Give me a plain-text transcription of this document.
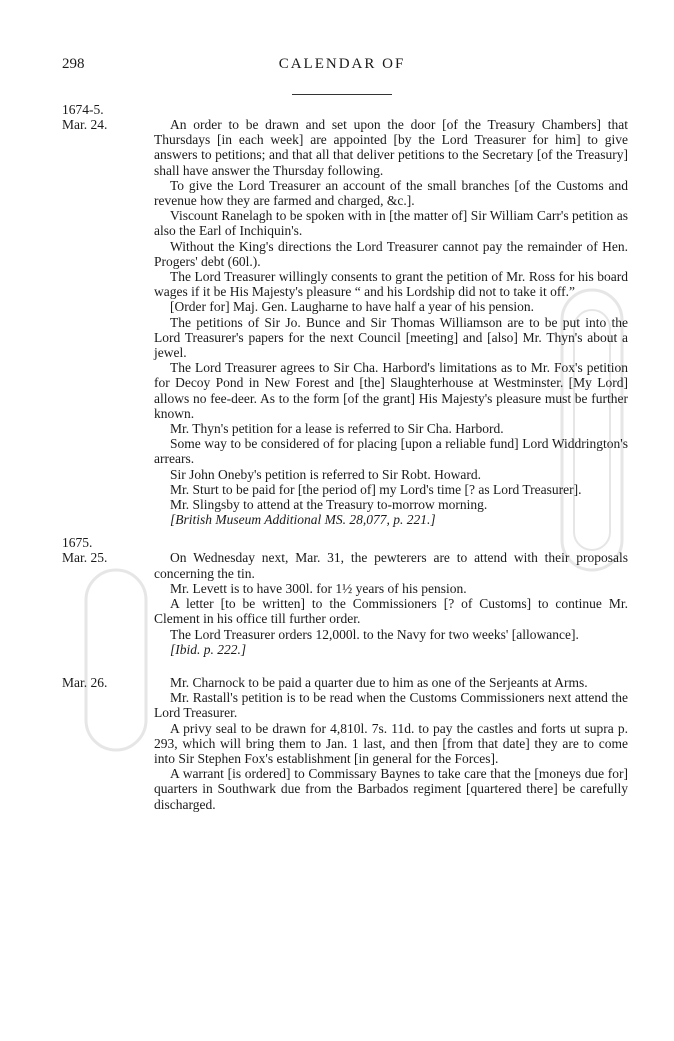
298	CALENDAR OF
1674-5.
Mar. 24.	An order to be drawn and set upon the door [of the Treasury Chambers] that Thursdays [in each week] are appointed [by the Lord Treasurer for him] to give answers to petitions; and that all that deliver petitions to the Secretary [of the Treasury] shall have answer the Thursday following.

To give the Lord Treasurer an account of the small branches [of the Customs and revenue how they are farmed and charged, &c.].

Viscount Ranelagh to be spoken with in [the matter of] Sir William Carr's petition as also the Earl of Inchiquin's.

Without the King's directions the Lord Treasurer cannot pay the remainder of Hen. Progers' debt (60l.).

The Lord Treasurer willingly consents to grant the petition of Mr. Ross for his board wages if it be His Majesty's pleasure “ and his Lordship did not to take it off.”

[Order for] Maj. Gen. Laugharne to have half a year of his pension.

The petitions of Sir Jo. Bunce and Sir Thomas Williamson are to be put into the Lord Treasurer's papers for the next Council [meeting] and [also] Mr. Thyn's about a jewel.

The Lord Treasurer agrees to Sir Cha. Harbord's limitations as to Mr. Fox's petition for Decoy Pond in New Forest and [the] Slaughterhouse at Westminster. [My Lord] allows no fee-deer. As to the form [of the grant] His Majesty's pleasure must be further known.

Mr. Thyn's petition for a lease is referred to Sir Cha. Harbord.

Some way to be considered of for placing [upon a reliable fund] Lord Widdrington's arrears.

Sir John Oneby's petition is referred to Sir Robt. Howard.

Mr. Sturt to be paid for [the period of] my Lord's time [? as Lord Treasurer].

Mr. Slingsby to attend at the Treasury to-morrow morning.

[British Museum Additional MS. 28,077, p. 221.]

1675.
Mar. 25.	On Wednesday next, Mar. 31, the pewterers are to attend with their proposals concerning the tin.

Mr. Levett is to have 300l. for 1½ years of his pension.

A letter [to be written] to the Commissioners [? of Customs] to continue Mr. Clement in his office till further order.

The Lord Treasurer orders 12,000l. to the Navy for two weeks' [allowance].

[Ibid. p. 222.]

Mar. 26.	Mr. Charnock to be paid a quarter due to him as one of the Serjeants at Arms.

Mr. Rastall's petition is to be read when the Customs Commissioners next attend the Lord Treasurer.

A privy seal to be drawn for 4,810l. 7s. 11d. to pay the castles and forts ut supra p. 293, which will bring them to Jan. 1 last, and then [from that date] they are to come into Sir Stephen Fox's establishment [in general for the Forces].

A warrant [is ordered] to Commissary Baynes to take care that the [moneys due for] quarters in Southwark due from the Barbados regiment [quartered there] be carefully discharged.
